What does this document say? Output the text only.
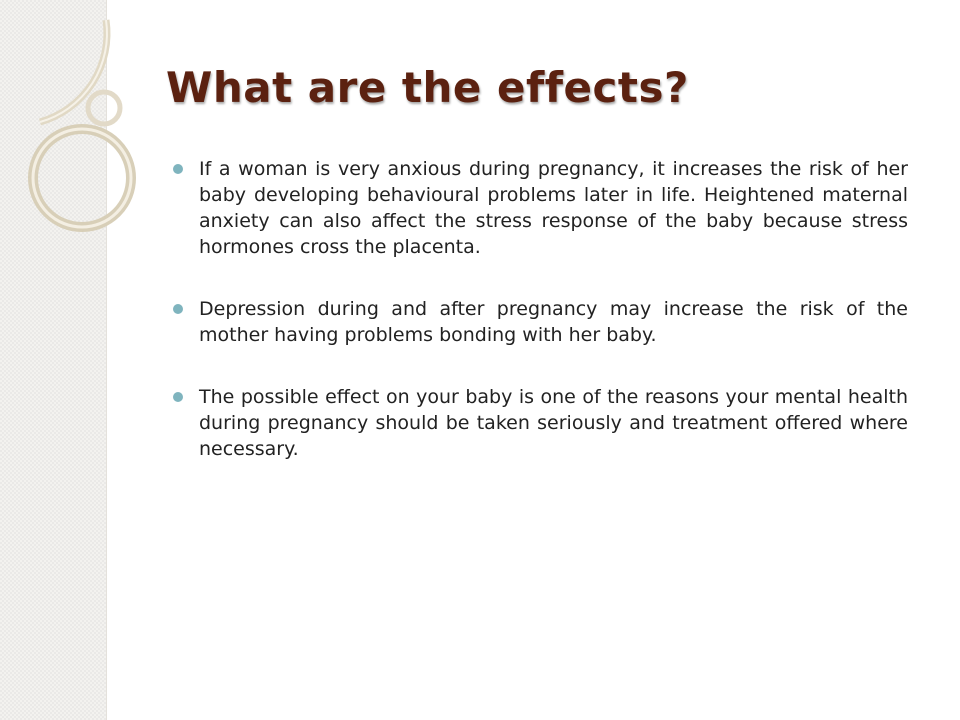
What are the effects?
If a woman is very anxious during pregnancy, it increases the risk of her baby developing behavioural problems later in life. Heightened maternal anxiety can also affect the stress response of the baby because stress hormones cross the placenta.
Depression during and after pregnancy may increase the risk of the mother having problems bonding with her baby.
The possible effect on your baby is one of the reasons your mental health during pregnancy should be taken seriously and treatment offered where necessary.
